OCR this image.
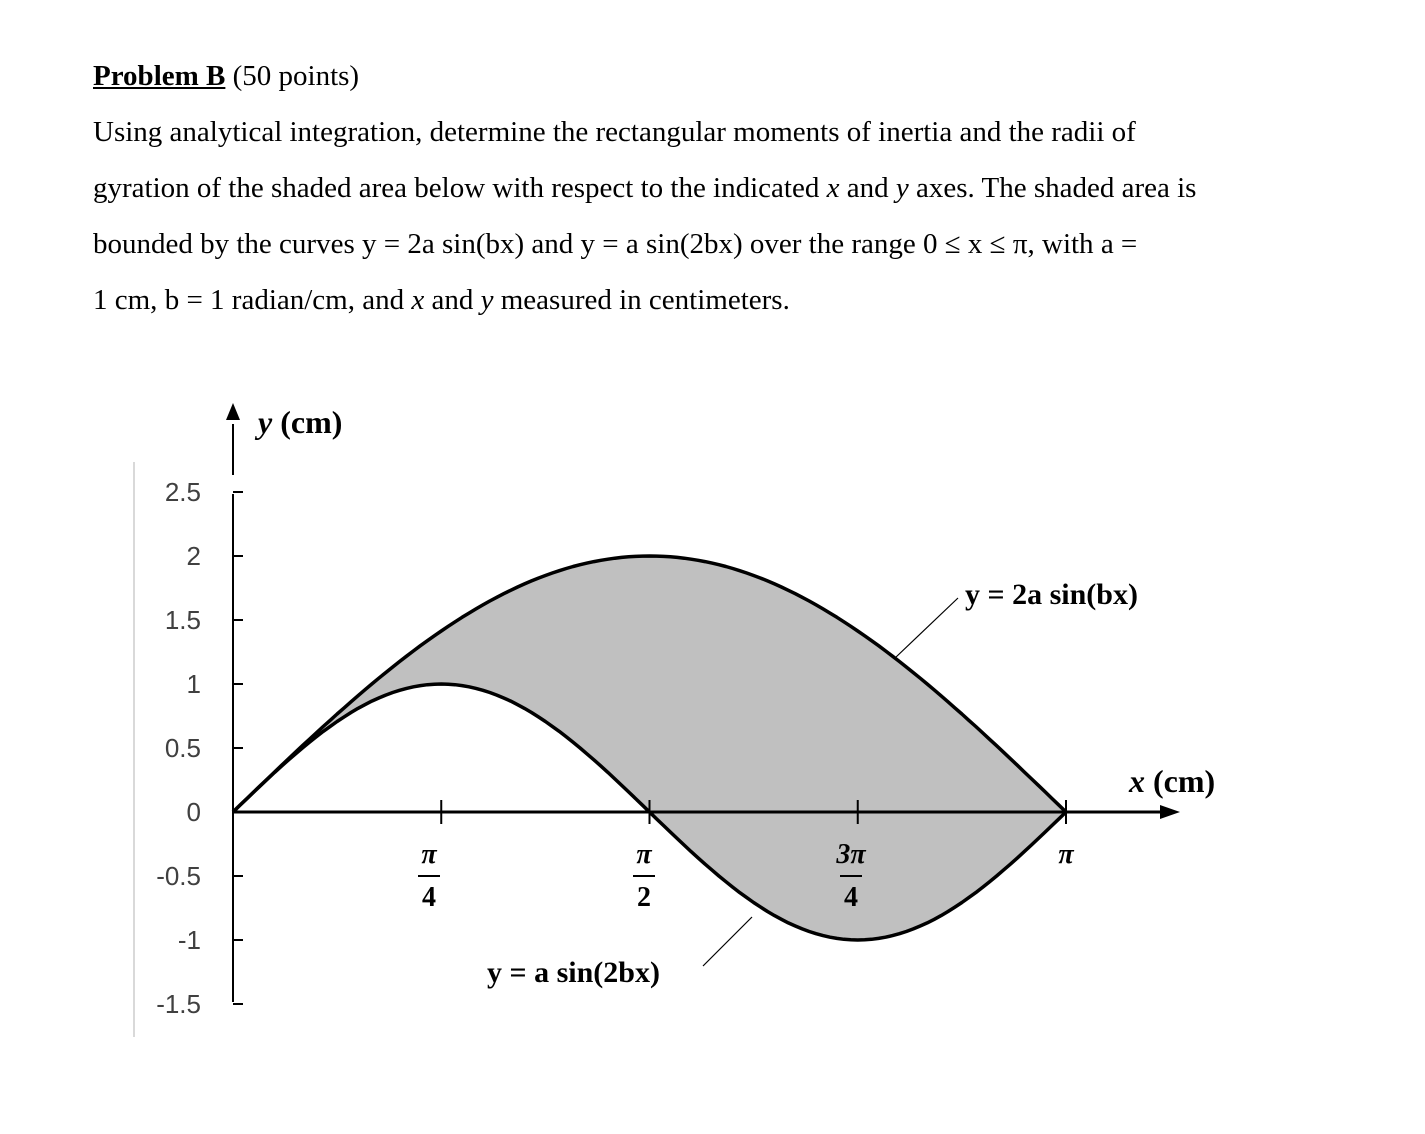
Problem B (50 points)

Using analytical integration, determine the rectangular moments of inertia and the radii of

gyration of the shaded area below with respect to the indicated x and y axes. The shaded area is

bounded by the curves y = 2a sin(bx) and y = a sin(2bx) over the range 0 ≤ x ≤ π, with a =

1 cm, b = 1 radian/cm, and x and y measured in centimeters.

2.5
2
1.5
1
0.5
0
-0.5
-1
-1.5
π
4
π
2
3π
4
π
y (cm)
x (cm)
y = 2a sin(bx)
y = a sin(2bx)
